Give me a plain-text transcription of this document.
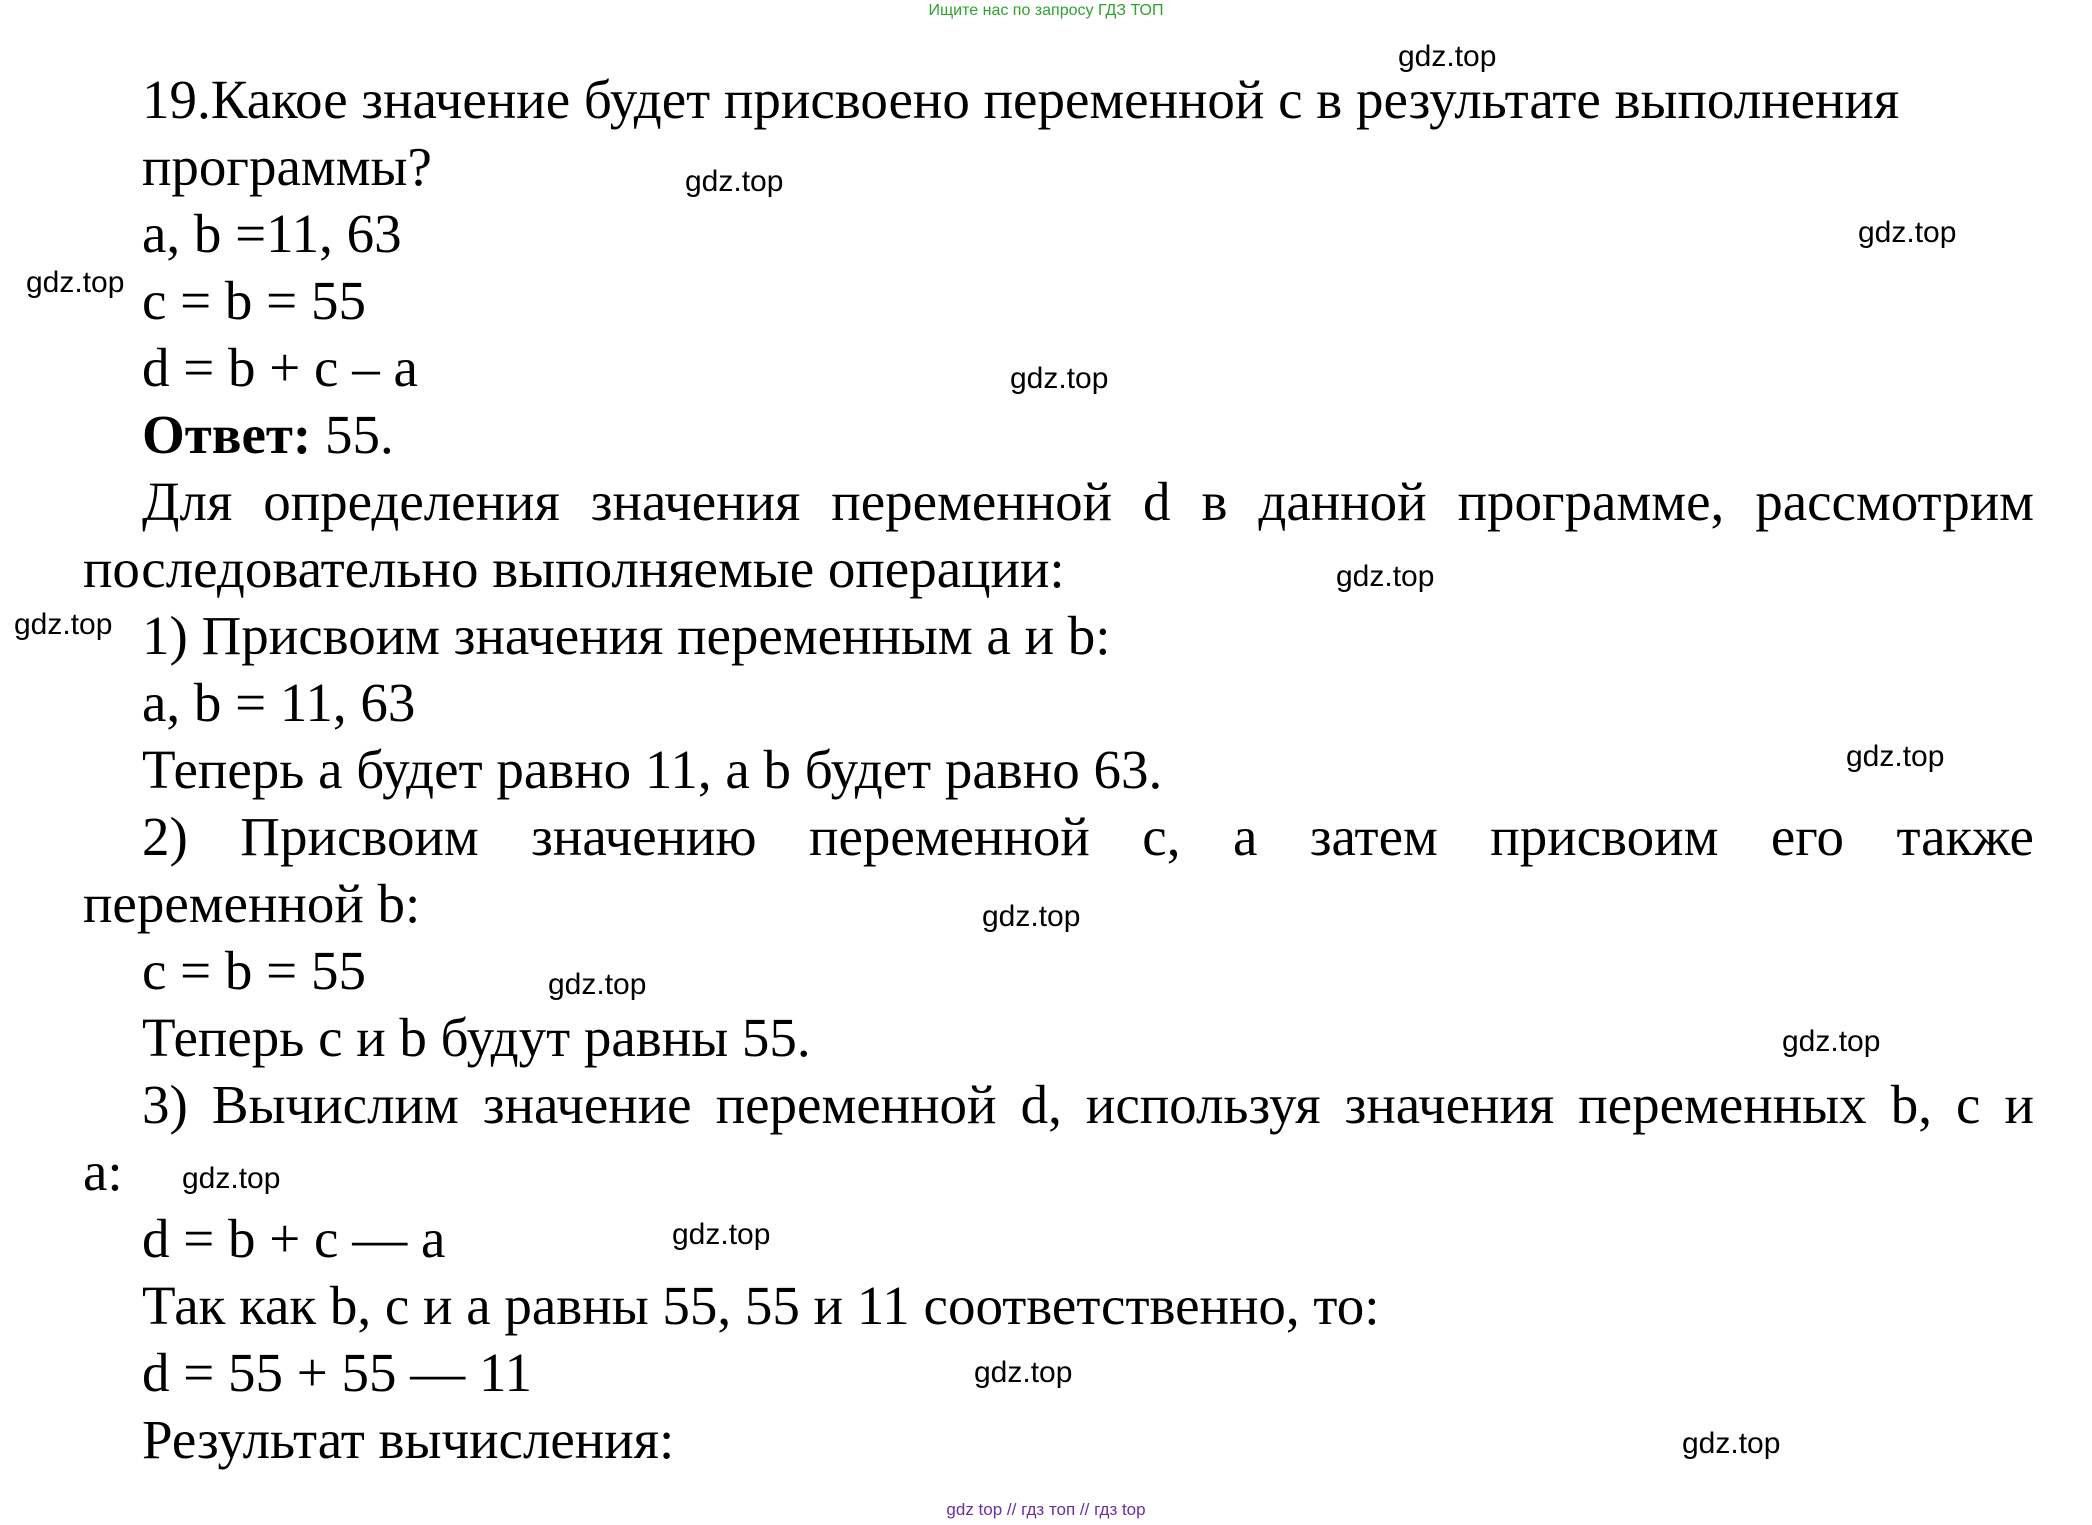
Ищите нас по запросу ГДЗ ТОП
19.Какое значение будет присвоено переменной c в результате выполнения
программы?
a, b =11, 63
c = b = 55
d = b + c – a
Ответ: 55.
Для определения значения переменной d в данной программе, рассмотрим
последовательно выполняемые операции:
1) Присвоим значения переменным a и b:
a, b = 11, 63
Теперь a будет равно 11, а b будет равно 63.
2) Присвоим значению переменной c, а затем присвоим его также
переменной b:
c = b = 55
Теперь c и b будут равны 55.
3) Вычислим значение переменной d, используя значения переменных b, c и
a:
d = b + c — a
Так как b, c и a равны 55, 55 и 11 соответственно, то:
d = 55 + 55 — 11
Результат вычисления:
gdz.top
gdz.top
gdz.top
gdz.top
gdz.top
gdz.top
gdz.top
gdz.top
gdz.top
gdz.top
gdz.top
gdz.top
gdz.top
gdz.top
gdz.top
gdz top // гдз топ // гдз top
